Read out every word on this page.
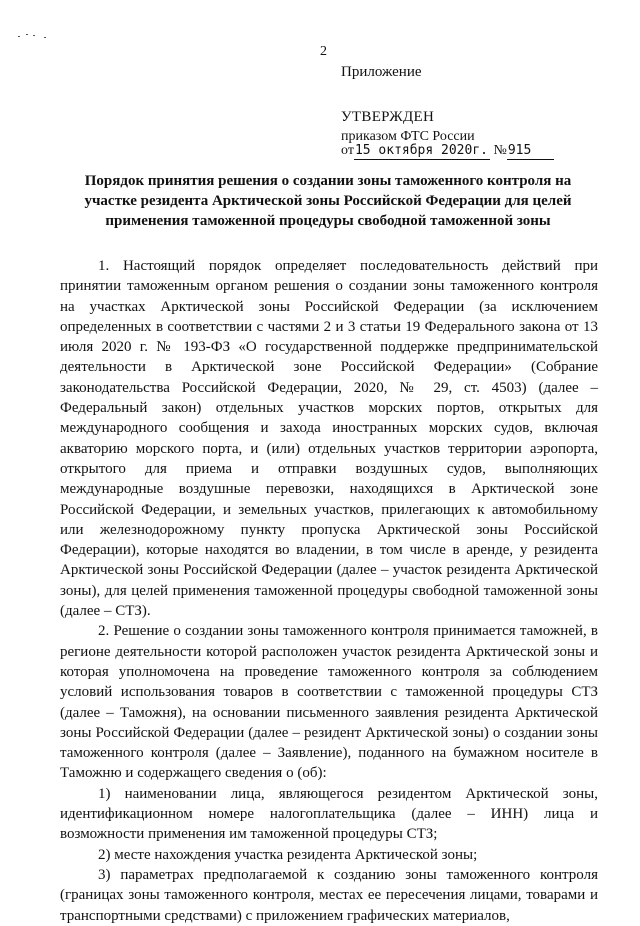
2
Приложение
УТВЕРЖДЕН
приказом ФТС России
от15 октября 2020г. №915
Порядок принятия решения о создании зоны таможенного контроля на участке резидента Арктической зоны Российской Федерации для целей применения таможенной процедуры свободной таможенной зоны

1. Настоящий порядок определяет последовательность действий при принятии таможенным органом решения о создании зоны таможенного контроля на участках Арктической зоны Российской Федерации (за исключением определенных в соответствии с частями 2 и 3 статьи 19 Федерального закона от 13 июля 2020 г. № 193-ФЗ «О государственной поддержке предпринимательской деятельности в Арктической зоне Российской Федерации» (Собрание законодательства Российской Федерации, 2020, № 29, ст. 4503) (далее – Федеральный закон) отдельных участков морских портов, открытых для международного сообщения и захода иностранных морских судов, включая акваторию морского порта, и (или) отдельных участков территории аэропорта, открытого для приема и отправки воздушных судов, выполняющих международные воздушные перевозки, находящихся в Арктической зоне Российской Федерации, и земельных участков, прилегающих к автомобильному или железнодорожному пункту пропуска Арктической зоны Российской Федерации), которые находятся во владении, в том числе в аренде, у резидента Арктической зоны Российской Федерации (далее – участок резидента Арктической зоны), для целей применения таможенной процедуры свободной таможенной зоны (далее – СТЗ).

2. Решение о создании зоны таможенного контроля принимается таможней, в регионе деятельности которой расположен участок резидента Арктической зоны и которая уполномочена на проведение таможенного контроля за соблюдением условий использования товаров в соответствии с таможенной процедуры СТЗ (далее – Таможня), на основании письменного заявления резидента Арктической зоны Российской Федерации (далее – резидент Арктической зоны) о создании зоны таможенного контроля (далее – Заявление), поданного на бумажном носителе в Таможню и содержащего сведения о (об):

1) наименовании лица, являющегося резидентом Арктической зоны, идентификационном номере налогоплательщика (далее – ИНН) лица и возможности применения им таможенной процедуры СТЗ;

2) месте нахождения участка резидента Арктической зоны;

3) параметрах предполагаемой к созданию зоны таможенного контроля (границах зоны таможенного контроля, местах ее пересечения лицами, товарами и транспортными средствами) с приложением графических материалов,
